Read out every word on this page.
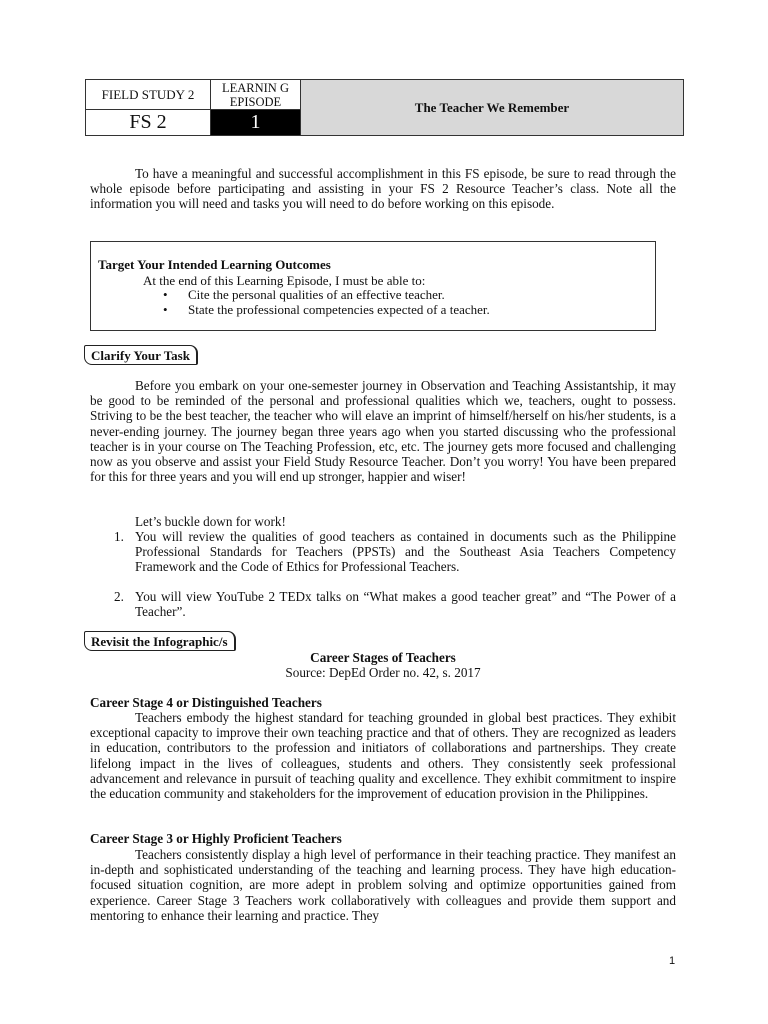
FIELD STUDY 2	LEARNIN G EPISODE	The Teacher We Remember
FS 2	1	

To have a meaningful and successful accomplishment in this FS episode, be sure to read through the whole episode before participating and assisting in your FS 2 Resource Teacher’s class. Note all the information you will need and tasks you will need to do before working on this episode.

Target Your Intended Learning Outcomes
At the end of this Learning Episode, I must be able to:
• Cite the personal qualities of an effective teacher.
• State the professional competencies expected of a teacher.
Clarify Your Task

Before you embark on your one-semester journey in Observation and Teaching Assistantship, it may be good to be reminded of the personal and professional qualities which we, teachers, ought to possess. Striving to be the best teacher, the teacher who will elave an imprint of himself/herself on his/her students, is a never-ending journey. The journey began three years ago when you started discussing who the professional teacher is in your course on The Teaching Profession, etc, etc. The journey gets more focused and challenging now as you observe and assist your Field Study Resource Teacher. Don’t you worry! You have been prepared for this for three years and you will end up stronger, happier and wiser!

Let’s buckle down for work!
1. You will review the qualities of good teachers as contained in documents such as the Philippine Professional Standards for Teachers (PPSTs) and the Southeast Asia Teachers Competency Framework and the Code of Ethics for Professional Teachers.
2. You will view YouTube 2 TEDx talks on “What makes a good teacher great” and “The Power of a Teacher”.
Revisit the Infographic/s
Career Stages of Teachers
Source: DepEd Order no. 42, s. 2017
Career Stage 4 or Distinguished Teachers

Teachers embody the highest standard for teaching grounded in global best practices. They exhibit exceptional capacity to improve their own teaching practice and that of others. They are recognized as leaders in education, contributors to the profession and initiators of collaborations and partnerships. They create lifelong impact in the lives of colleagues, students and others. They consistently seek professional advancement and relevance in pursuit of teaching quality and excellence. They exhibit commitment to inspire the education community and stakeholders for the improvement of education provision in the Philippines.

Career Stage 3 or Highly Proficient Teachers

Teachers consistently display a high level of performance in their teaching practice. They manifest an in-depth and sophisticated understanding of the teaching and learning process. They have high education-focused situation cognition, are more adept in problem solving and optimize opportunities gained from experience. Career Stage 3 Teachers work collaboratively with colleagues and provide them support and mentoring to enhance their learning and practice. They

1
